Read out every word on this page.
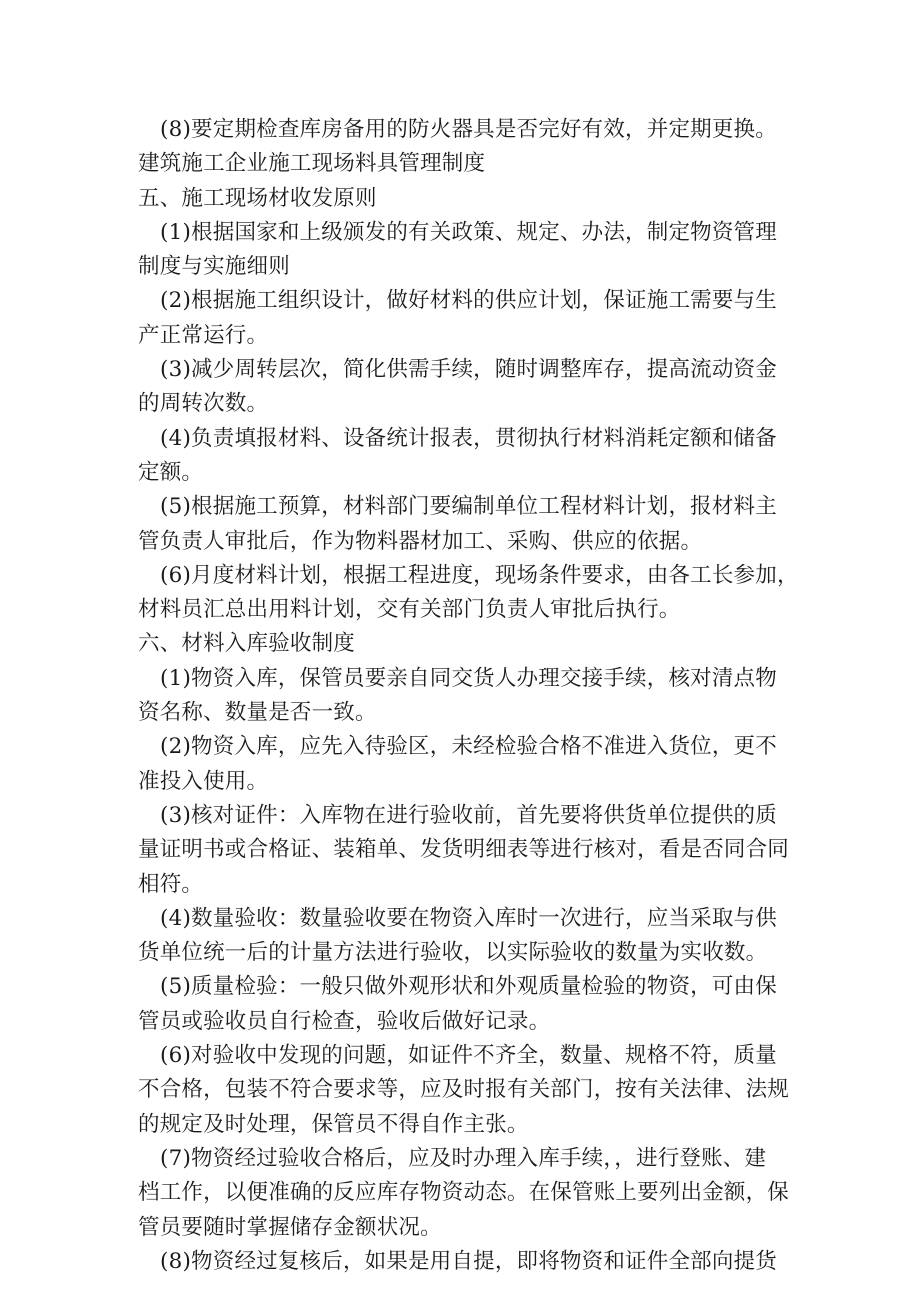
(8)要定期检查库房备用的防火器具是否完好有效，并定期更换。
建筑施工企业施工现场料具管理制度
五、施工现场材收发原则
(1)根据国家和上级颁发的有关政策、规定、办法，制定物资管理
制度与实施细则
(2)根据施工组织设计，做好材料的供应计划，保证施工需要与生
产正常运行。
(3)减少周转层次，简化供需手续，随时调整库存，提高流动资金
的周转次数。
(4)负责填报材料、设备统计报表，贯彻执行材料消耗定额和储备
定额。
(5)根据施工预算，材料部门要编制单位工程材料计划，报材料主
管负责人审批后，作为物料器材加工、采购、供应的依据。
(6)月度材料计划，根据工程进度，现场条件要求，由各工长参加，
材料员汇总出用料计划，交有关部门负责人审批后执行。
六、材料入库验收制度
(1)物资入库，保管员要亲自同交货人办理交接手续，核对清点物
资名称、数量是否一致。
(2)物资入库，应先入待验区，未经检验合格不准进入货位，更不
准投入使用。
(3)核对证件：入库物在进行验收前，首先要将供货单位提供的质
量证明书或合格证、装箱单、发货明细表等进行核对，看是否同合同
相符。
(4)数量验收：数量验收要在物资入库时一次进行，应当采取与供
货单位统一后的计量方法进行验收，以实际验收的数量为实收数。
(5)质量检验：一般只做外观形状和外观质量检验的物资，可由保
管员或验收员自行检查，验收后做好记录。
(6)对验收中发现的问题，如证件不齐全，数量、规格不符，质量
不合格，包装不符合要求等，应及时报有关部门，按有关法律、法规
的规定及时处理，保管员不得自作主张。
(7)物资经过验收合格后，应及时办理入库手续，，进行登账、建
档工作，以便准确的反应库存物资动态。在保管账上要列出金额，保
管员要随时掌握储存金额状况。
(8)物资经过复核后，如果是用自提，即将物资和证件全部向提货
